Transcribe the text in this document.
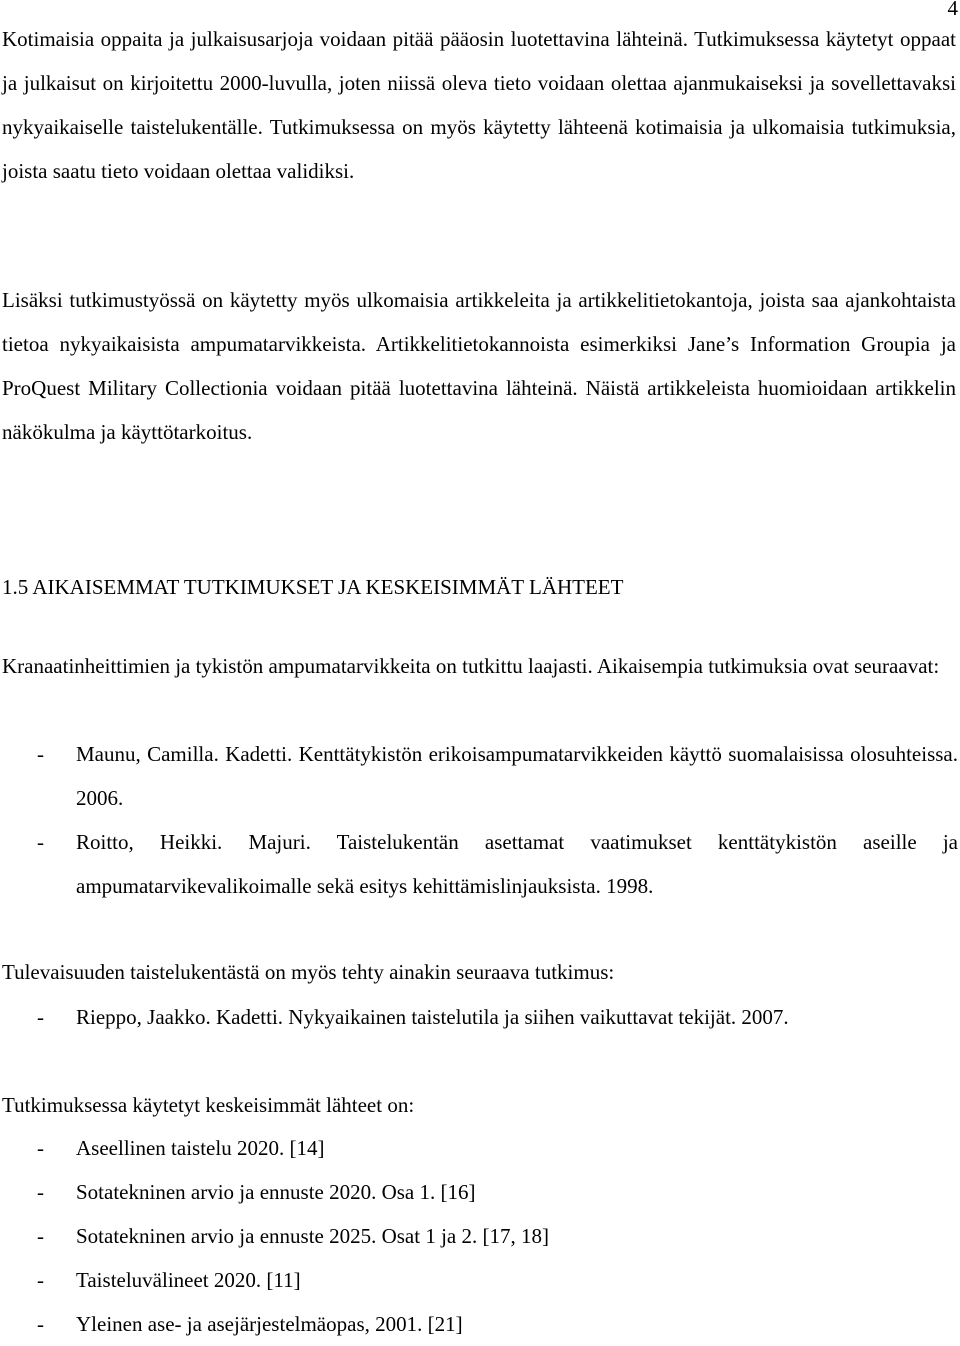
4

Kotimaisia oppaita ja julkaisusarjoja voidaan pitää pääosin luotettavina lähteinä. Tutkimuksessa käytetyt oppaat ja julkaisut on kirjoitettu 2000-luvulla, joten niissä oleva tieto voidaan olettaa ajanmukaiseksi ja sovellettavaksi nykyaikaiselle taistelukentälle. Tutkimuksessa on myös käytetty lähteenä kotimaisia ja ulkomaisia tutkimuksia, joista saatu tieto voidaan olettaa validiksi.

Lisäksi tutkimustyössä on käytetty myös ulkomaisia artikkeleita ja artikkelitietokantoja, joista saa ajankohtaista tietoa nykyaikaisista ampumatarvikkeista. Artikkelitietokannoista esimerkiksi Jane’s Information Groupia ja ProQuest Military Collectionia voidaan pitää luotettavina lähteinä. Näistä artikkeleista huomioidaan artikkelin näkökulma ja käyttötarkoitus.

1.5 AIKAISEMMAT TUTKIMUKSET JA KESKEISIMMÄT LÄHTEET

Kranaatinheittimien ja tykistön ampumatarvikkeita on tutkittu laajasti. Aikaisempia tutkimuksia ovat seuraavat:

- Maunu, Camilla. Kadetti. Kenttätykistön erikoisampumatarvikkeiden käyttö suomalaisissa olosuhteissa. 2006.
- Roitto, Heikki. Majuri. Taistelukentän asettamat vaatimukset kenttätykistön aseille ja ampumatarvikevalikoimalle sekä esitys kehittämislinjauksista. 1998.

Tulevaisuuden taistelukentästä on myös tehty ainakin seuraava tutkimus:

- Rieppo, Jaakko. Kadetti. Nykyaikainen taistelutila ja siihen vaikuttavat tekijät. 2007.

Tutkimuksessa käytetyt keskeisimmät lähteet on:

- Aseellinen taistelu 2020. [14]
- Sotatekninen arvio ja ennuste 2020. Osa 1. [16]
- Sotatekninen arvio ja ennuste 2025. Osat 1 ja 2. [17, 18]
- Taisteluvälineet 2020. [11]
- Yleinen ase- ja asejärjestelmäopas, 2001. [21]
